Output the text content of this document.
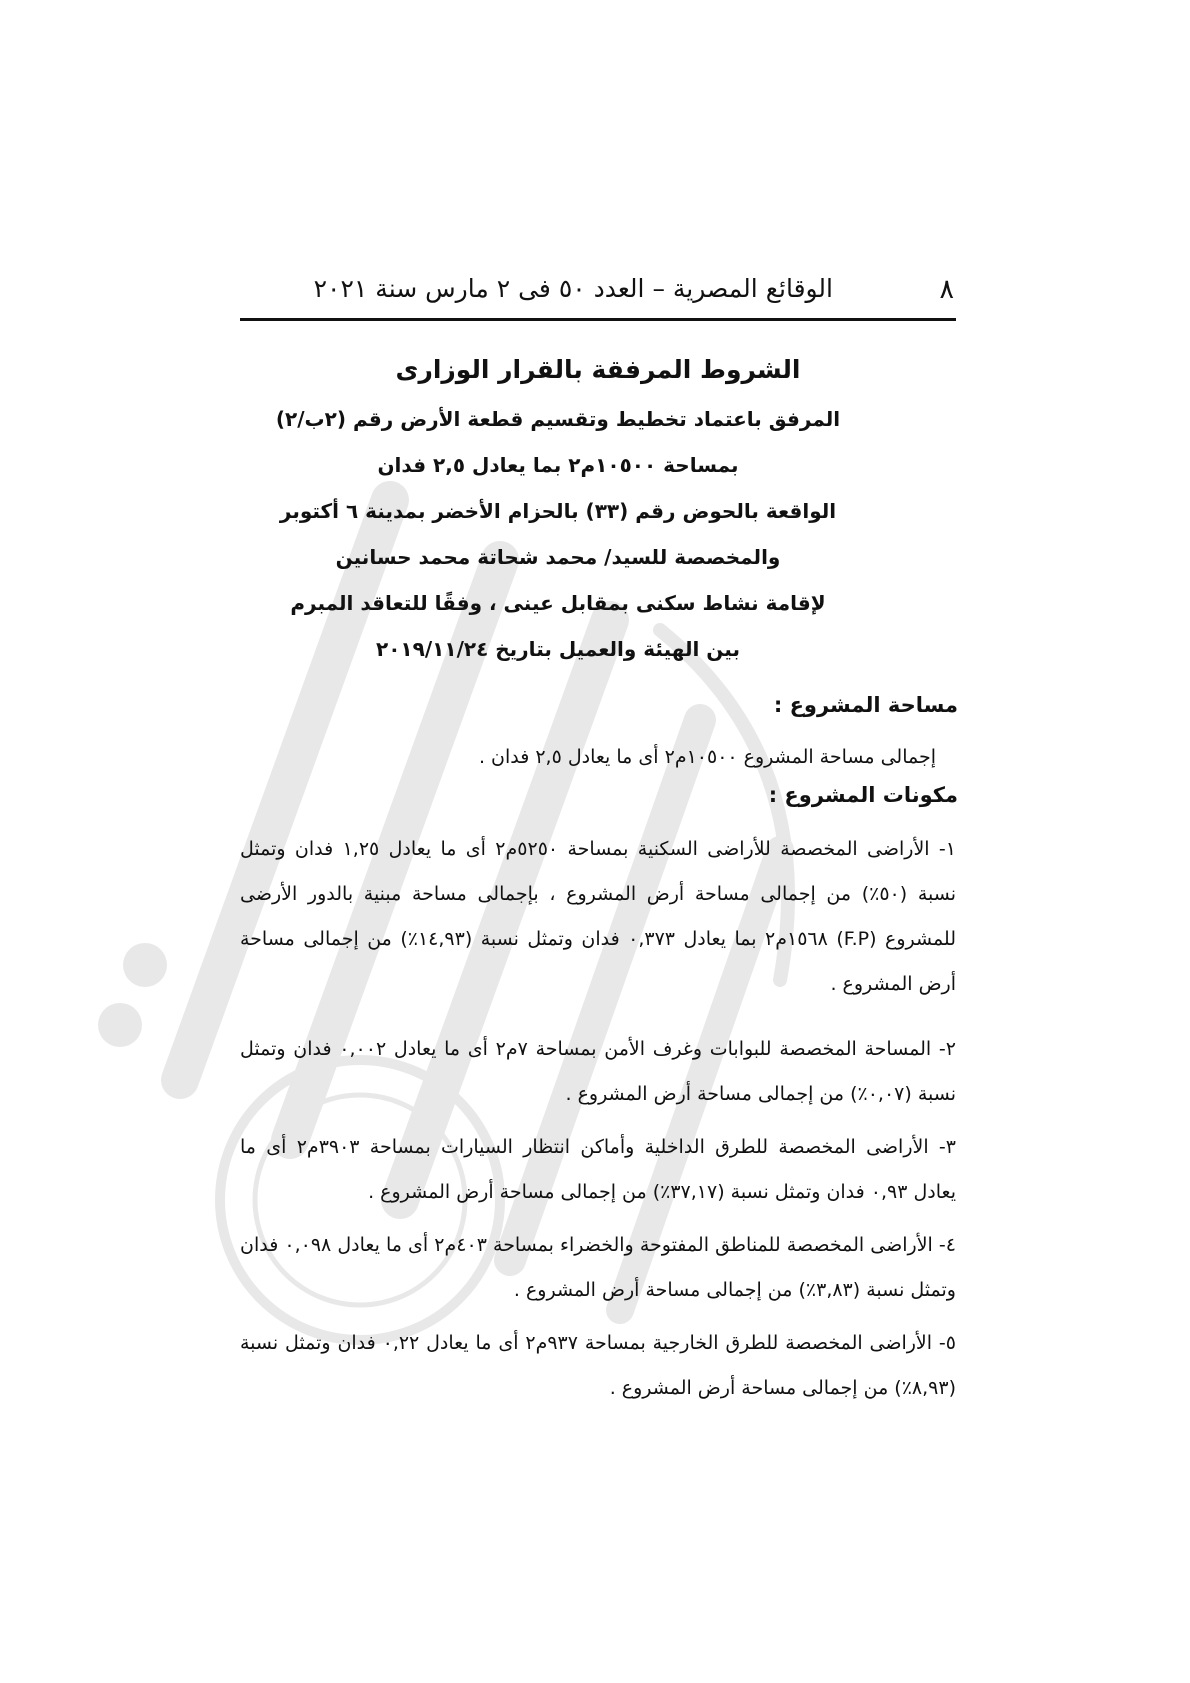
٨
الوقائع المصرية – العدد ٥٠ فى ٢ مارس سنة ٢٠٢١
الشروط المرفقة بالقرار الوزارى
المرفق باعتماد تخطيط وتقسيم قطعة الأرض رقم (٢ب/٢)
بمساحة ١٠٥٠٠م٢ بما يعادل ٢,٥ فدان
الواقعة بالحوض رقم (٣٣) بالحزام الأخضر بمدينة ٦ أكتوبر
والمخصصة للسيد/ محمد شحاتة محمد حسانين
لإقامة نشاط سكنى بمقابل عينى ، وفقًا للتعاقد المبرم
بين الهيئة والعميل بتاريخ ٢٠١٩/١١/٢٤
مساحة المشروع :
إجمالى مساحة المشروع ١٠٥٠٠م٢ أى ما يعادل ٢,٥ فدان .
مكونات المشروع :
١- الأراضى المخصصة للأراضى السكنية بمساحة ٥٢٥٠م٢ أى ما يعادل ١,٢٥ فدان وتمثل نسبة (٥٠٪) من إجمالى مساحة أرض المشروع ، بإجمالى مساحة مبنية بالدور الأرضى للمشروع (F.P) ١٥٦٨م٢ بما يعادل ٠,٣٧٣ فدان وتمثل نسبة (١٤,٩٣٪) من إجمالى مساحة أرض المشروع .
٢- المساحة المخصصة للبوابات وغرف الأمن بمساحة ٧م٢ أى ما يعادل ٠,٠٠٢ فدان وتمثل نسبة (٠,٠٧٪) من إجمالى مساحة أرض المشروع .
٣- الأراضى المخصصة للطرق الداخلية وأماكن انتظار السيارات بمساحة ٣٩٠٣م٢ أى ما يعادل ٠,٩٣ فدان وتمثل نسبة (٣٧,١٧٪) من إجمالى مساحة أرض المشروع .
٤- الأراضى المخصصة للمناطق المفتوحة والخضراء بمساحة ٤٠٣م٢ أى ما يعادل ٠,٠٩٨ فدان وتمثل نسبة (٣,٨٣٪) من إجمالى مساحة أرض المشروع .
٥- الأراضى المخصصة للطرق الخارجية بمساحة ٩٣٧م٢ أى ما يعادل ٠,٢٢ فدان وتمثل نسبة (٨,٩٣٪) من إجمالى مساحة أرض المشروع .
